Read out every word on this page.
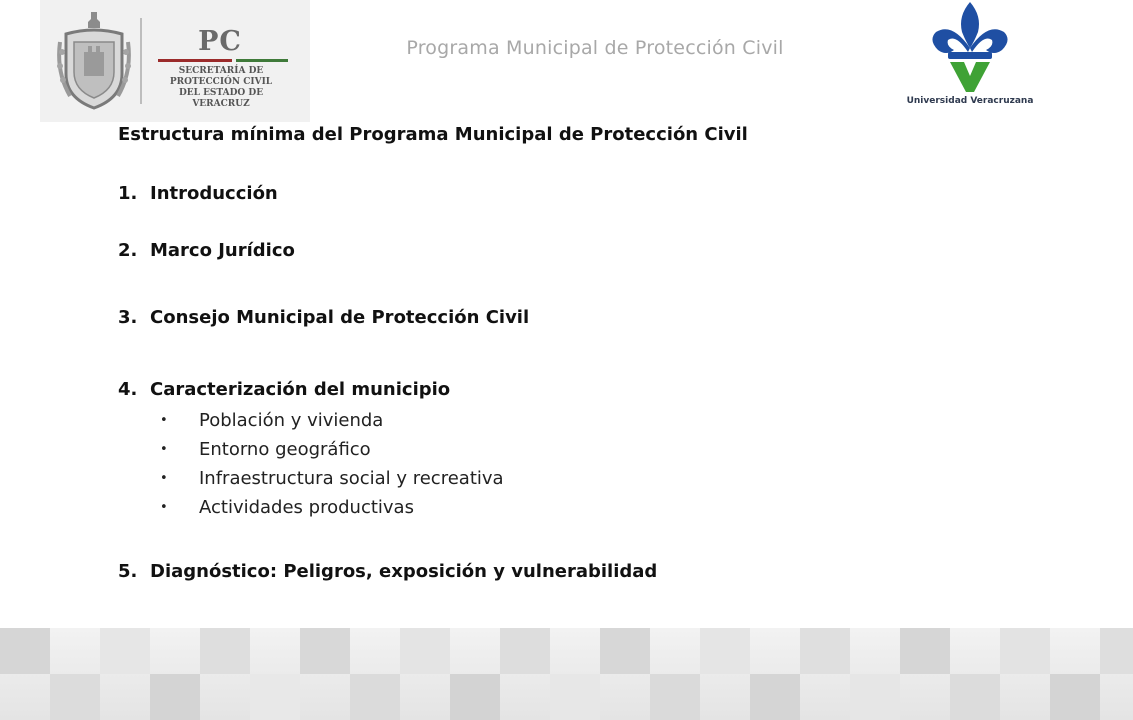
PC
SECRETARÍA DE
PROTECCIÓN CIVIL
DEL ESTADO DE VERACRUZ
Programa Municipal de Protección Civil
Universidad Veracruzana
Estructura mínima del Programa Municipal de Protección Civil
1. Introducción
2. Marco Jurídico
3. Consejo Municipal de Protección Civil
4. Caracterización del municipio
• Población y vivienda
• Entorno geográfico
• Infraestructura social y recreativa
• Actividades productivas
5. Diagnóstico: Peligros, exposición y vulnerabilidad
